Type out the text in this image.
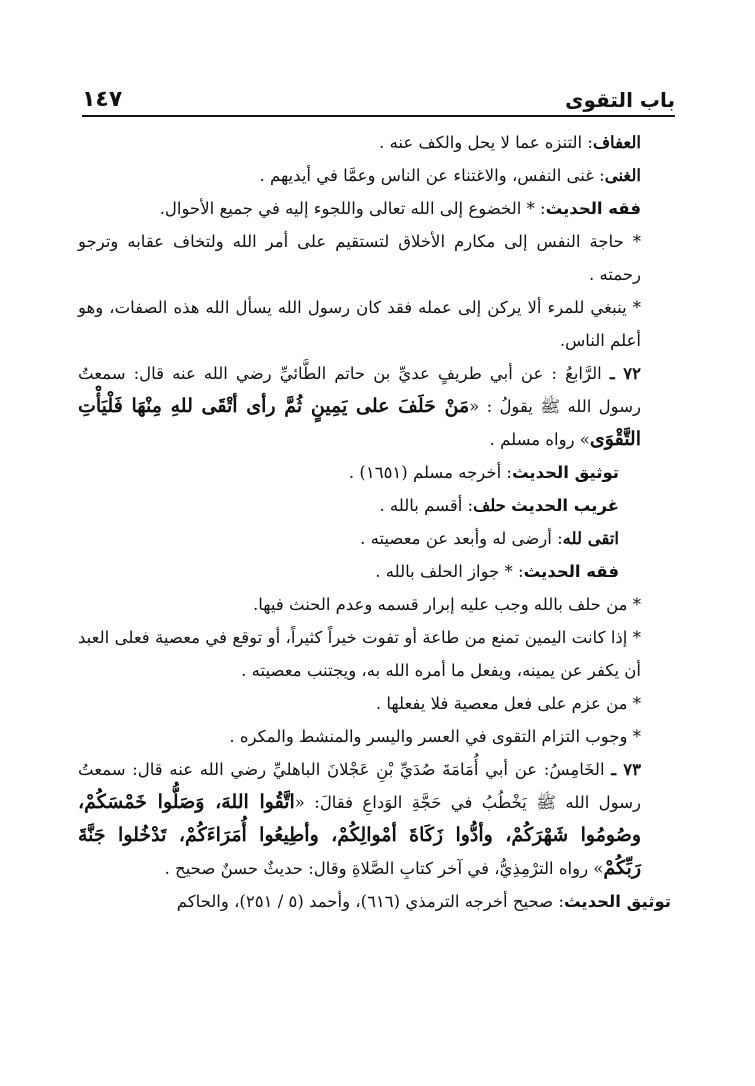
باب التقوى
١٤٧

العفاف: التنزه عما لا يحل والكف عنه .

الغنى: غنى النفس، والاغتناء عن الناس وعمَّا في أيديهم .

فقه الحديث: * الخضوع إلى الله تعالى واللجوء إليه في جميع الأحوال.

* حاجة النفس إلى مكارم الأخلاق لتستقيم على أمر الله ولتخاف عقابه وترجو رحمته .

* ينبغي للمرء ألا يركن إلى عمله فقد كان رسول الله يسأل الله هذه الصفات، وهو أعلم الناس.

٧٢ ـ الرَّابعُ : عن أبي طريفٍ عديِّ بن حاتم الطَّائيِّ رضي الله عنه قال: سمعتُ رسول الله ﷺ يقولُ : «مَنْ حَلَفَ على يَمِينٍ ثُمَّ رأى أتْقَى للهِ مِنْهَا فَلْيَأْتِ التَّقْوَى» رواه مسلم .

توثيق الحديث: أخرجه مسلم (١٦٥١) .

غريب الحديث حلف: أقسم بالله .

اتقى لله: أرضى له وأبعد عن معصيته .

فقه الحديث: * جواز الحلف بالله .

* من حلف بالله وجب عليه إبرار قسمه وعدم الحنث فيها.

* إذا كانت اليمين تمنع من طاعة أو تفوت خيراً كثيراً، أو توقع في معصية فعلى العبد أن يكفر عن يمينه، ويفعل ما أمره الله به، ويجتنب معصيته .

* من عزم على فعل معصية فلا يفعلها .

* وجوب التزام التقوى في العسر واليسر والمنشط والمكره .

٧٣ ـ الخَامِسُ: عن أبي أُمَامَةَ صُدَيِّ بْنِ عَجْلانَ الباهليِّ رضي الله عنه قال: سمعتُ رسول الله ﷺ يَخْطُبُ في حَجَّةِ الوَداعِ فقالَ: «اتَّقُوا اللهَ، وَصَلُّوا خَمْسَكُمْ، وصُومُوا شَهْرَكُمْ، وأدُّوا زَكَاةَ أمْوالِكُمْ، وأطِيعُوا أُمَرَاءَكُمْ، تَدْخُلوا جَنَّةَ رَبِّكُمْ» رواه الترْمِذِيُّ، في آخر كتابِ الصَّلاةِ وقال: حديثٌ حسنٌ صحيح .

توثيق الحديث: صحيح أخرجه الترمذي (٦١٦)، وأحمد (٥ / ٢٥١)، والحاكم
